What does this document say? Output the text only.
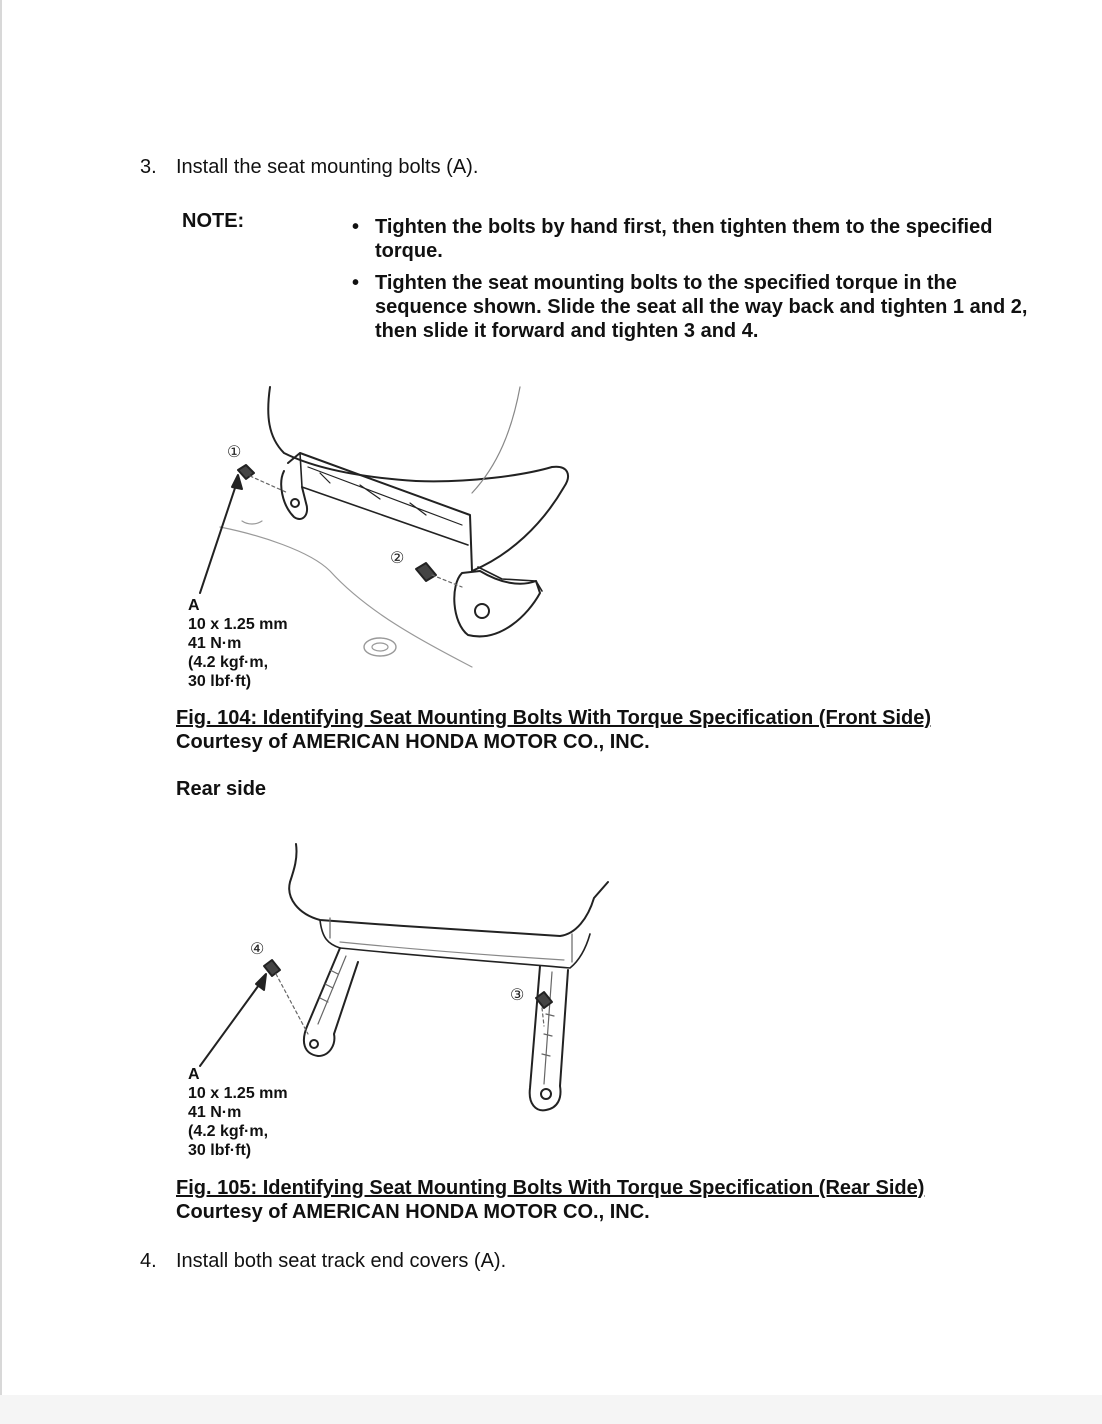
3. Install the seat mounting bolts (A).
NOTE:	• Tighten the bolts by hand first, then tighten them to the specified torque.
• Tighten the seat mounting bolts to the specified torque in the sequence shown. Slide the seat all the way back and tighten 1 and 2, then slide it forward and tighten 3 and 4.
①
②
A
10 x 1.25 mm
41 N·m
(4.2 kgf·m,
30 lbf·ft)
Fig. 104: Identifying Seat Mounting Bolts With Torque Specification (Front Side)
Courtesy of AMERICAN HONDA MOTOR CO., INC.
Rear side
④
③
A
10 x 1.25 mm
41 N·m
(4.2 kgf·m,
30 lbf·ft)
Fig. 105: Identifying Seat Mounting Bolts With Torque Specification (Rear Side)
Courtesy of AMERICAN HONDA MOTOR CO., INC.
4. Install both seat track end covers (A).
